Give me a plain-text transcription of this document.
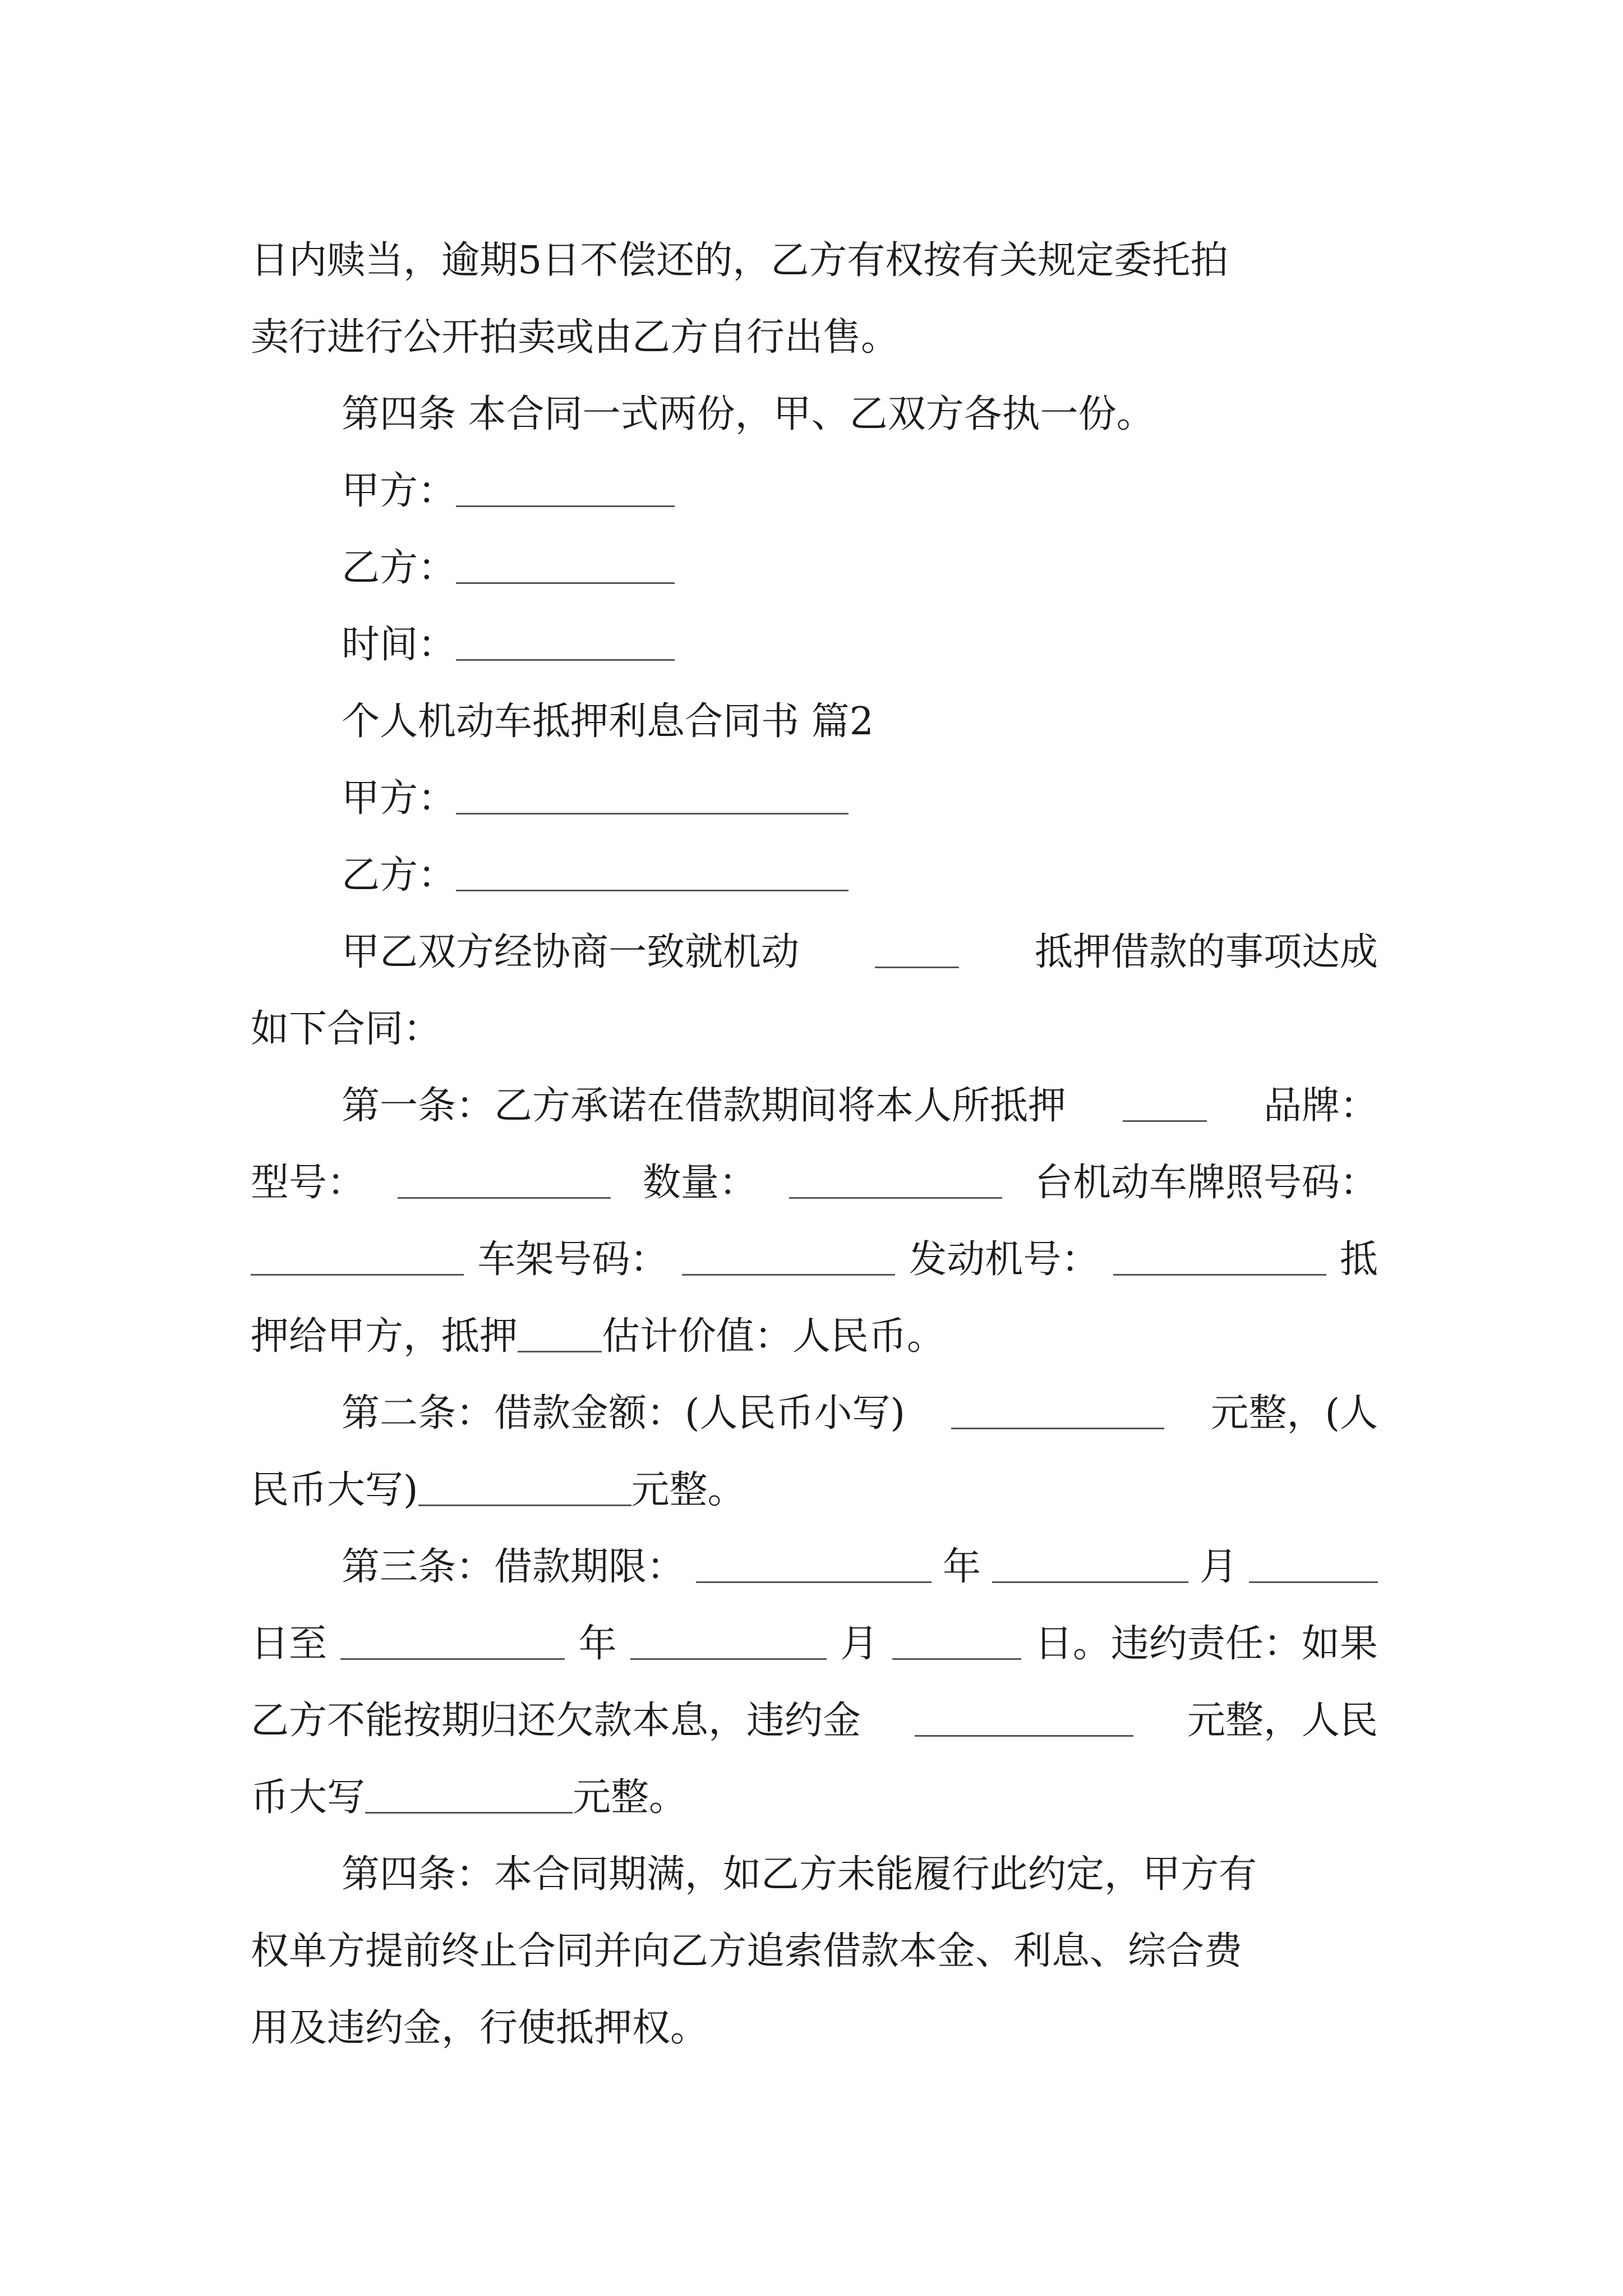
日内赎当，逾期5日不偿还的，乙方有权按有关规定委托拍
卖行进行公开拍卖或由乙方自行出售。
第四条 本合同一式两份，甲、乙双方各执一份。
甲方：
乙方：
时间：
个人机动车抵押利息合同书 篇2
甲方：
乙方：
甲乙双方经协商一致就机动	抵押借款的事项达成
如下合同：
第一条：乙方承诺在借款期间将本人所抵押	品牌：
型号：	数量：	台机动车牌照号码：
车架号码：	发动机号：	抵
押给甲方，抵押 估计价值：人民币。
第二条：借款金额：(人民币小写)	元整，(人
民币大写)	元整。
第三条：借款期限：	年	月
日至	年	月	日。违约责任：如果
乙方不能按期归还欠款本息，违约金	元整，人民
币大写	元整。
第四条：本合同期满，如乙方未能履行此约定，甲方有
权单方提前终止合同并向乙方追索借款本金、利息、综合费
用及违约金，行使抵押权。
